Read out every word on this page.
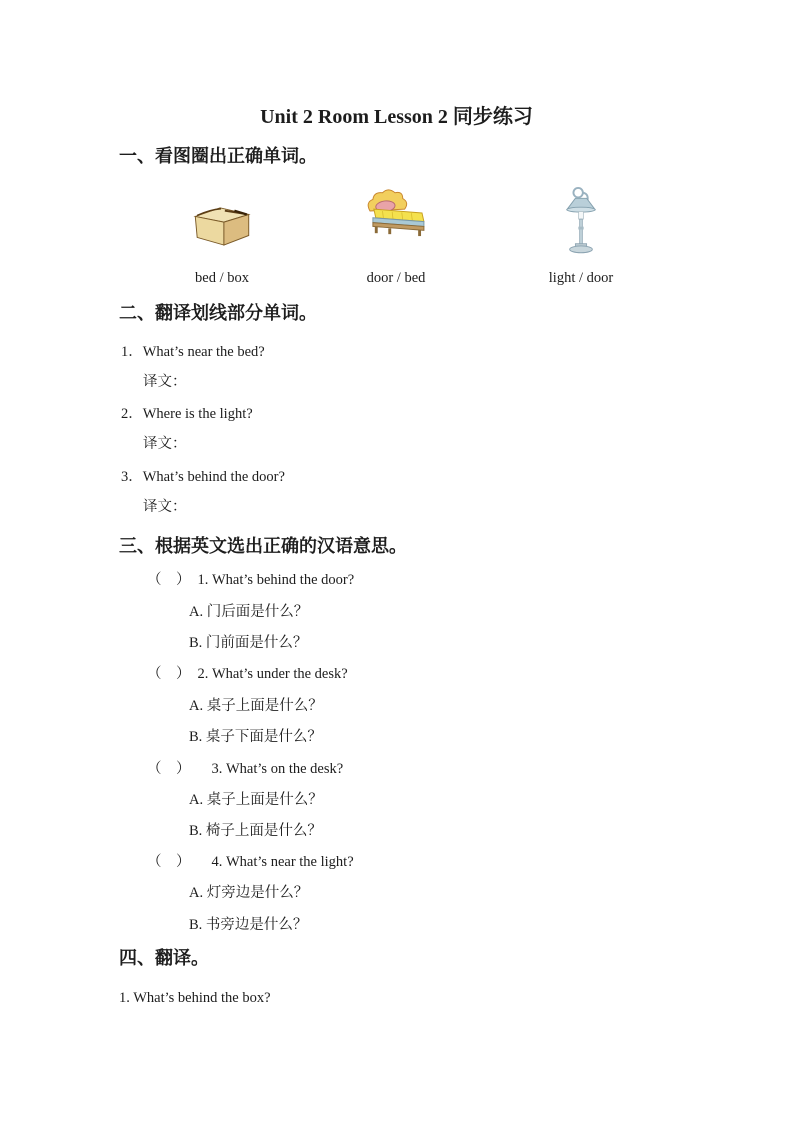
Unit 2 Room Lesson 2 同步练习
一、看图圈出正确单词。
bed / box	door / bed	light / door
二、翻译划线部分单词。
1．What’s near the bed?
译文：
2．Where is the light?
译文：
3．What’s behind the door?
译文：
三、根据英文选出正确的汉语意思。
（　） 1. What’s behind the door?
A. 门后面是什么？
B. 门前面是什么？
（　） 2. What’s under the desk?
A. 桌子上面是什么？
B. 桌子下面是什么？
（　） 3. What’s on the desk?
A. 桌子上面是什么？
B. 椅子上面是什么？
（　） 4. What’s near the light?
A. 灯旁边是什么？
B. 书旁边是什么？
四、翻译。
1. What’s behind the box?
